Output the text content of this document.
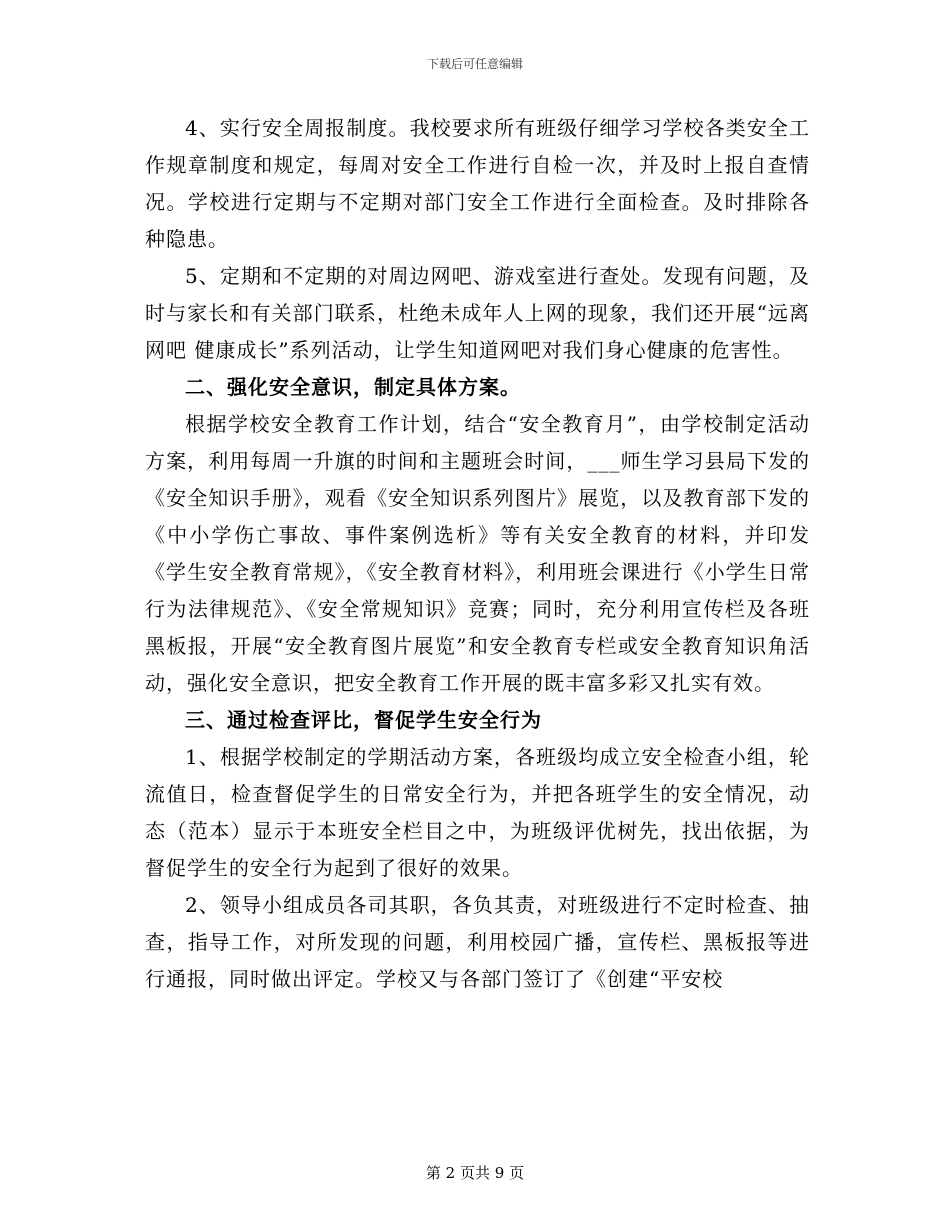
下载后可任意编辑

4、实行安全周报制度。我校要求所有班级仔细学习学校各类安全工作规章制度和规定，每周对安全工作进行自检一次，并及时上报自查情况。学校进行定期与不定期对部门安全工作进行全面检查。及时排除各种隐患。

5、定期和不定期的对周边网吧、游戏室进行查处。发现有问题，及时与家长和有关部门联系，杜绝未成年人上网的现象，我们还开展“远离网吧 健康成长”系列活动，让学生知道网吧对我们身心健康的危害性。

二、强化安全意识，制定具体方案。

根据学校安全教育工作计划，结合“安全教育月”，由学校制定活动方案，利用每周一升旗的时间和主题班会时间，___师生学习县局下发的《安全知识手册》，观看《安全知识系列图片》展览，以及教育部下发的《中小学伤亡事故、事件案例选析》等有关安全教育的材料，并印发《学生安全教育常规》，《安全教育材料》，利用班会课进行《小学生日常行为法律规范》、《安全常规知识》竞赛；同时，充分利用宣传栏及各班黑板报，开展“安全教育图片展览”和安全教育专栏或安全教育知识角活动，强化安全意识，把安全教育工作开展的既丰富多彩又扎实有效。

三、通过检查评比，督促学生安全行为

1、根据学校制定的学期活动方案，各班级均成立安全检查小组，轮流值日，检查督促学生的日常安全行为，并把各班学生的安全情况，动态（范本）显示于本班安全栏目之中，为班级评优树先，找出依据，为督促学生的安全行为起到了很好的效果。

2、领导小组成员各司其职，各负其责，对班级进行不定时检查、抽查，指导工作，对所发现的问题，利用校园广播，宣传栏、黑板报等进行通报，同时做出评定。学校又与各部门签订了《创建“平安校

第 2 页共 9 页
